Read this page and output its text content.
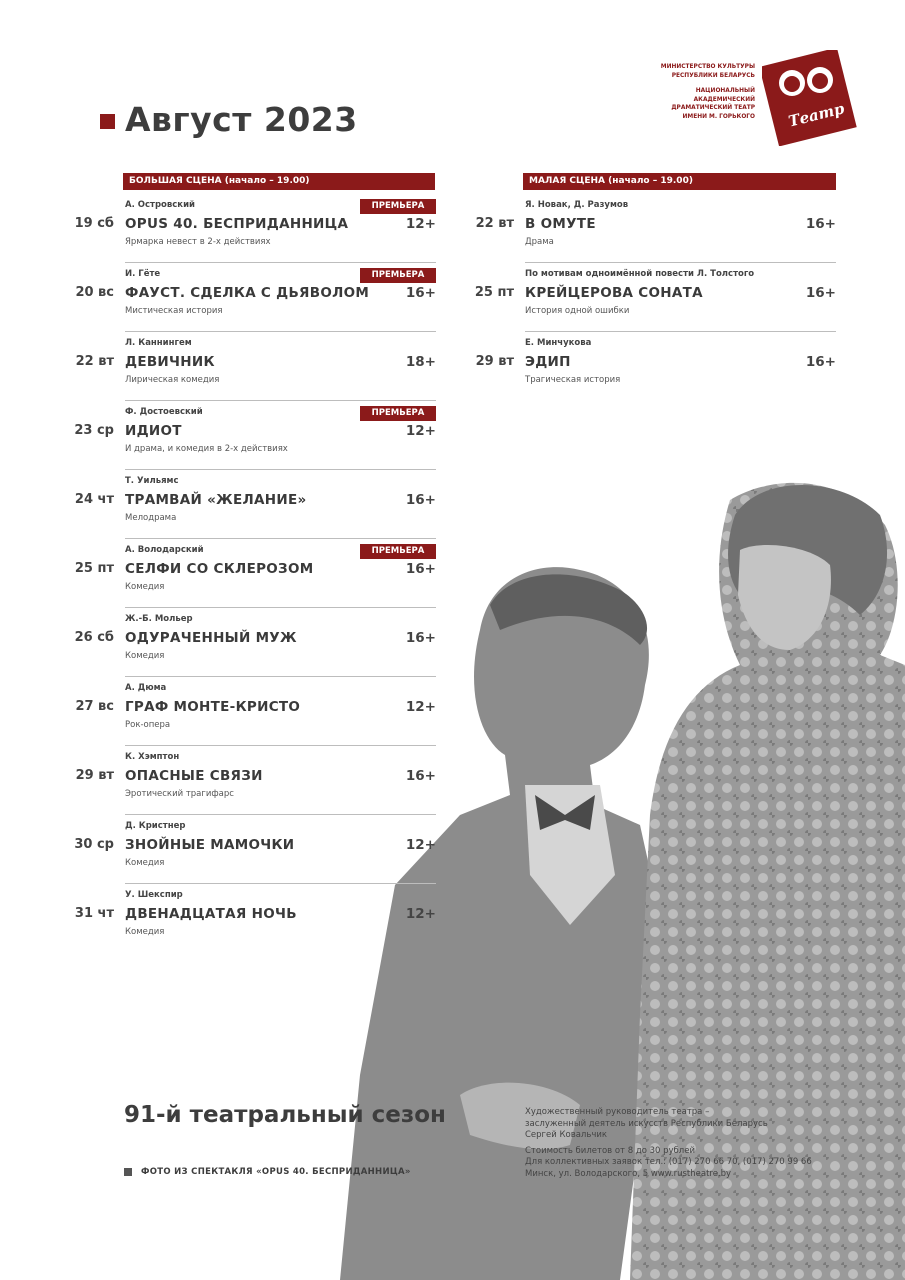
Август 2023
МИНИСТЕРСТВО КУЛЬТУРЫ
РЕСПУБЛИКИ БЕЛАРУСЬ
НАЦИОНАЛЬНЫЙ
АКАДЕМИЧЕСКИЙ
ДРАМАТИЧЕСКИЙ ТЕАТР
ИМЕНИ М. ГОРЬКОГО Театр
БОЛЬШАЯ СЦЕНА (начало – 19.00)	МАЛАЯ СЦЕНА (начало – 19.00)
А. Островский
19 сб OPUS 40. БЕСПРИДАННИЦА	12+
Ярмарка невест в 2-х действиях
ПРЕМЬЕРА
И. Гёте
20 вс ФАУСТ. СДЕЛКА С ДЬЯВОЛОМ	16+
Мистическая история
ПРЕМЬЕРА
Л. Каннингем
22 вт ДЕВИЧНИК	18+
Лирическая комедия
Ф. Достоевский
23 ср ИДИОТ	12+
И драма, и комедия в 2-х действиях
ПРЕМЬЕРА
Т. Уильямс
24 чт ТРАМВАЙ «ЖЕЛАНИЕ»	16+
Мелодрама
А. Володарский
25 пт СЕЛФИ СО СКЛЕРОЗОМ	16+
Комедия
ПРЕМЬЕРА
Ж.-Б. Мольер
26 сб ОДУРАЧЕННЫЙ МУЖ	16+
Комедия
А. Дюма
27 вс ГРАФ МОНТЕ-КРИСТО	12+
Рок-опера
К. Хэмптон
29 вт ОПАСНЫЕ СВЯЗИ	16+
Эротический трагифарс
Д. Кристнер
30 ср ЗНОЙНЫЕ МАМОЧКИ	12+
Комедия
У. Шекспир
31 чт ДВЕНАДЦАТАЯ НОЧЬ	12+
Комедия
Я. Новак, Д. Разумов
22 вт В ОМУТЕ	16+
Драма
По мотивам одноимённой повести Л. Толстого
25 пт КРЕЙЦЕРОВА СОНАТА	16+
История одной ошибки
Е. Минчукова
29 вт ЭДИП	16+
Трагическая история
91-й театральный сезон
ФОТО ИЗ СПЕКТАКЛЯ «OPUS 40. БЕСПРИДАННИЦА»
Художественный руководитель театра –
заслуженный деятель искусств Республики Беларусь
Сергей Ковальчик
Стоимость билетов от 8 до 30 рублей
Для коллективных заявок тел.: (017) 270 66 70, (017) 270 99 66
Минск, ул. Володарского, 5 www.rustheatre.by
